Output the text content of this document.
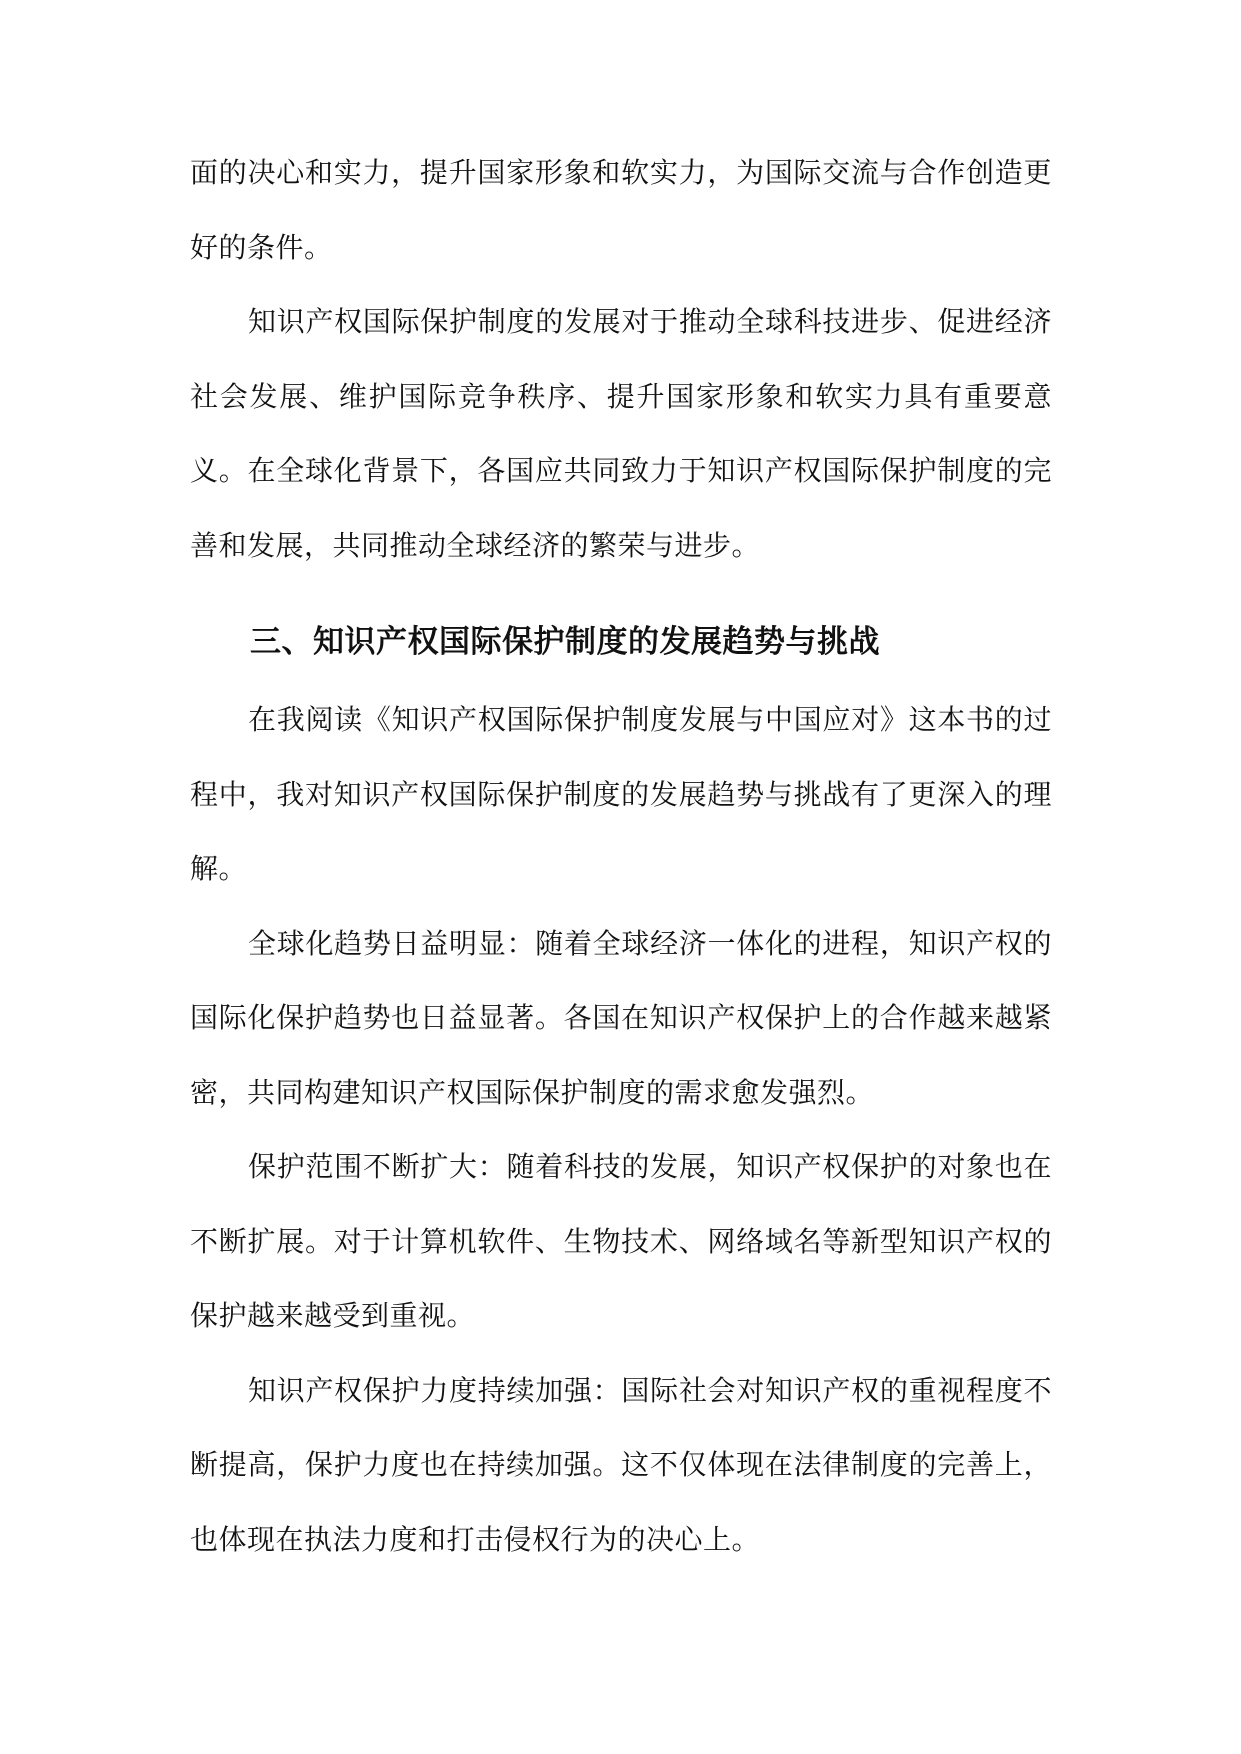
面的决心和实力，提升国家形象和软实力，为国际交流与合作创造更好的条件。

知识产权国际保护制度的发展对于推动全球科技进步、促进经济社会发展、维护国际竞争秩序、提升国家形象和软实力具有重要意义。在全球化背景下，各国应共同致力于知识产权国际保护制度的完善和发展，共同推动全球经济的繁荣与进步。

三、知识产权国际保护制度的发展趋势与挑战

在我阅读《知识产权国际保护制度发展与中国应对》这本书的过程中，我对知识产权国际保护制度的发展趋势与挑战有了更深入的理解。

全球化趋势日益明显：随着全球经济一体化的进程，知识产权的国际化保护趋势也日益显著。各国在知识产权保护上的合作越来越紧密，共同构建知识产权国际保护制度的需求愈发强烈。

保护范围不断扩大：随着科技的发展，知识产权保护的对象也在不断扩展。对于计算机软件、生物技术、网络域名等新型知识产权的保护越来越受到重视。

知识产权保护力度持续加强：国际社会对知识产权的重视程度不断提高，保护力度也在持续加强。这不仅体现在法律制度的完善上，也体现在执法力度和打击侵权行为的决心上。
